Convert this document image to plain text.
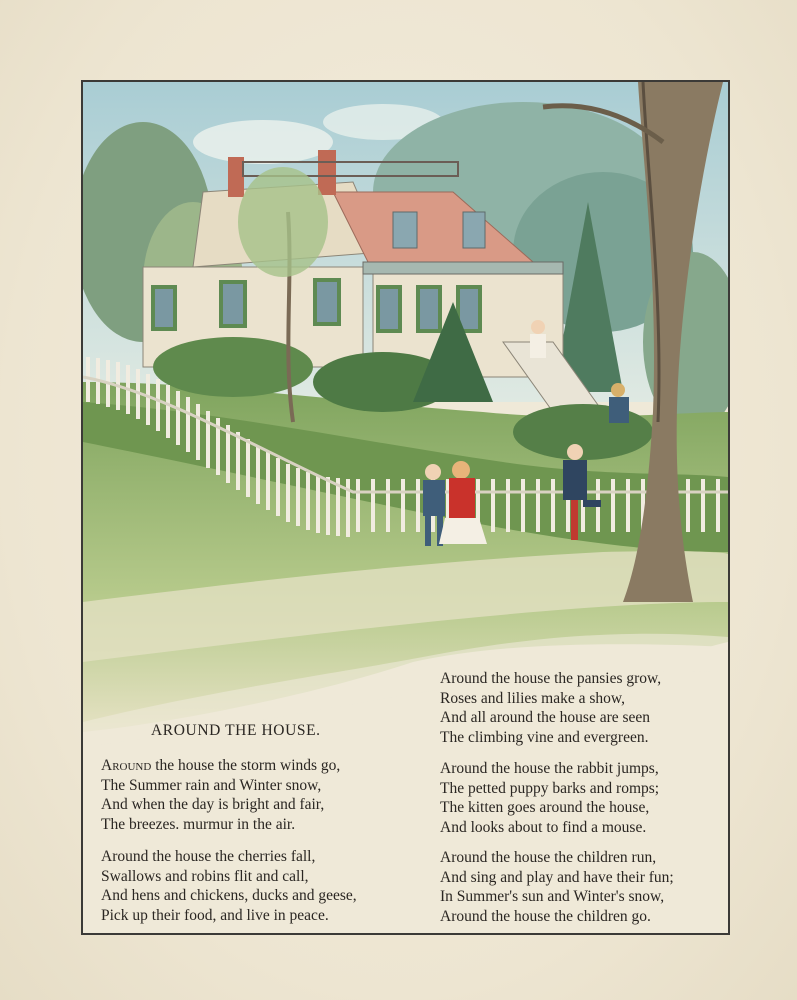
AROUND THE HOUSE.
Around the house the storm winds go,
The Summer rain and Winter snow,
And when the day is bright and fair,
The breezes. murmur in the air.
Around the house the cherries fall,
Swallows and robins flit and call,
And hens and chickens, ducks and geese,
Pick up their food, and live in peace.
Around the house the pansies grow,
Roses and lilies make a show,
And all around the house are seen
The climbing vine and evergreen.
Around the house the rabbit jumps,
The petted puppy barks and romps;
The kitten goes around the house,
And looks about to find a mouse.
Around the house the children run,
And sing and play and have their fun;
In Summer's sun and Winter's snow,
Around the house the children go.
